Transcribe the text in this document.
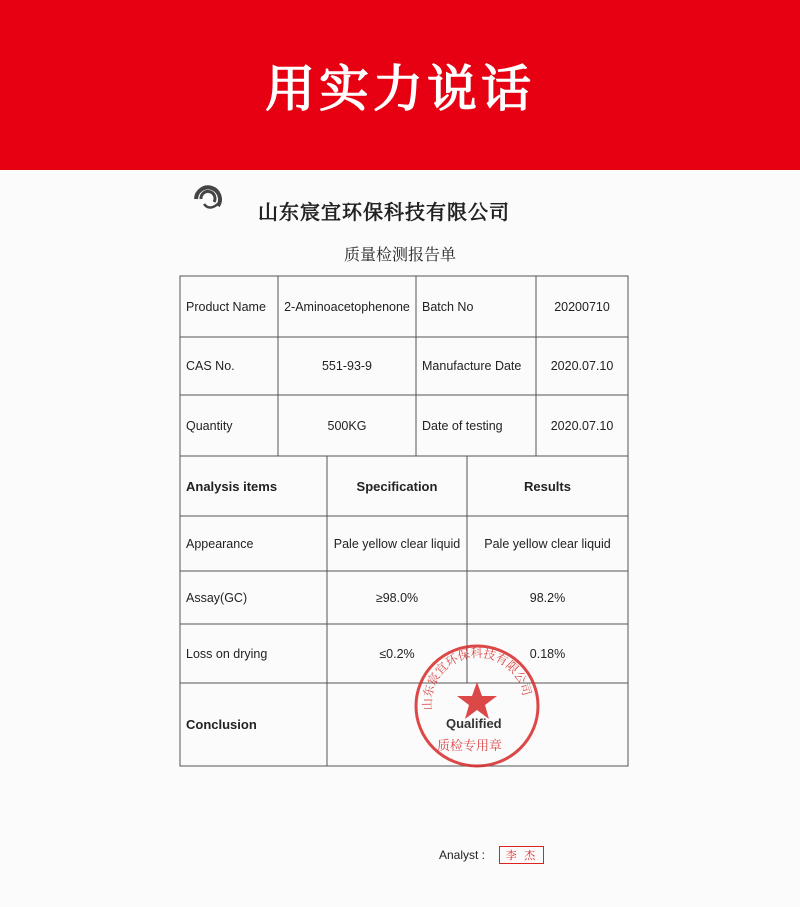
用实力说话
山东宸宜环保科技有限公司
质量检测报告单
Product Name	2-Aminoacetophenone Batch No	20200710
CAS No.	551-93-9	Manufacture Date	2020.07.10
Quantity	500KG	Date of testing	2020.07.10
Analysis items	Specification	Results
Appearance	Pale yellow clear liquid	Pale yellow clear liquid
Assay(GC)	≥98.0%	98.2%
Loss on drying	≤0.2%	0.18%
Conclusion
山东宸宜环保科技有限公司
Qualified
质检专用章
Analyst :	李 杰
